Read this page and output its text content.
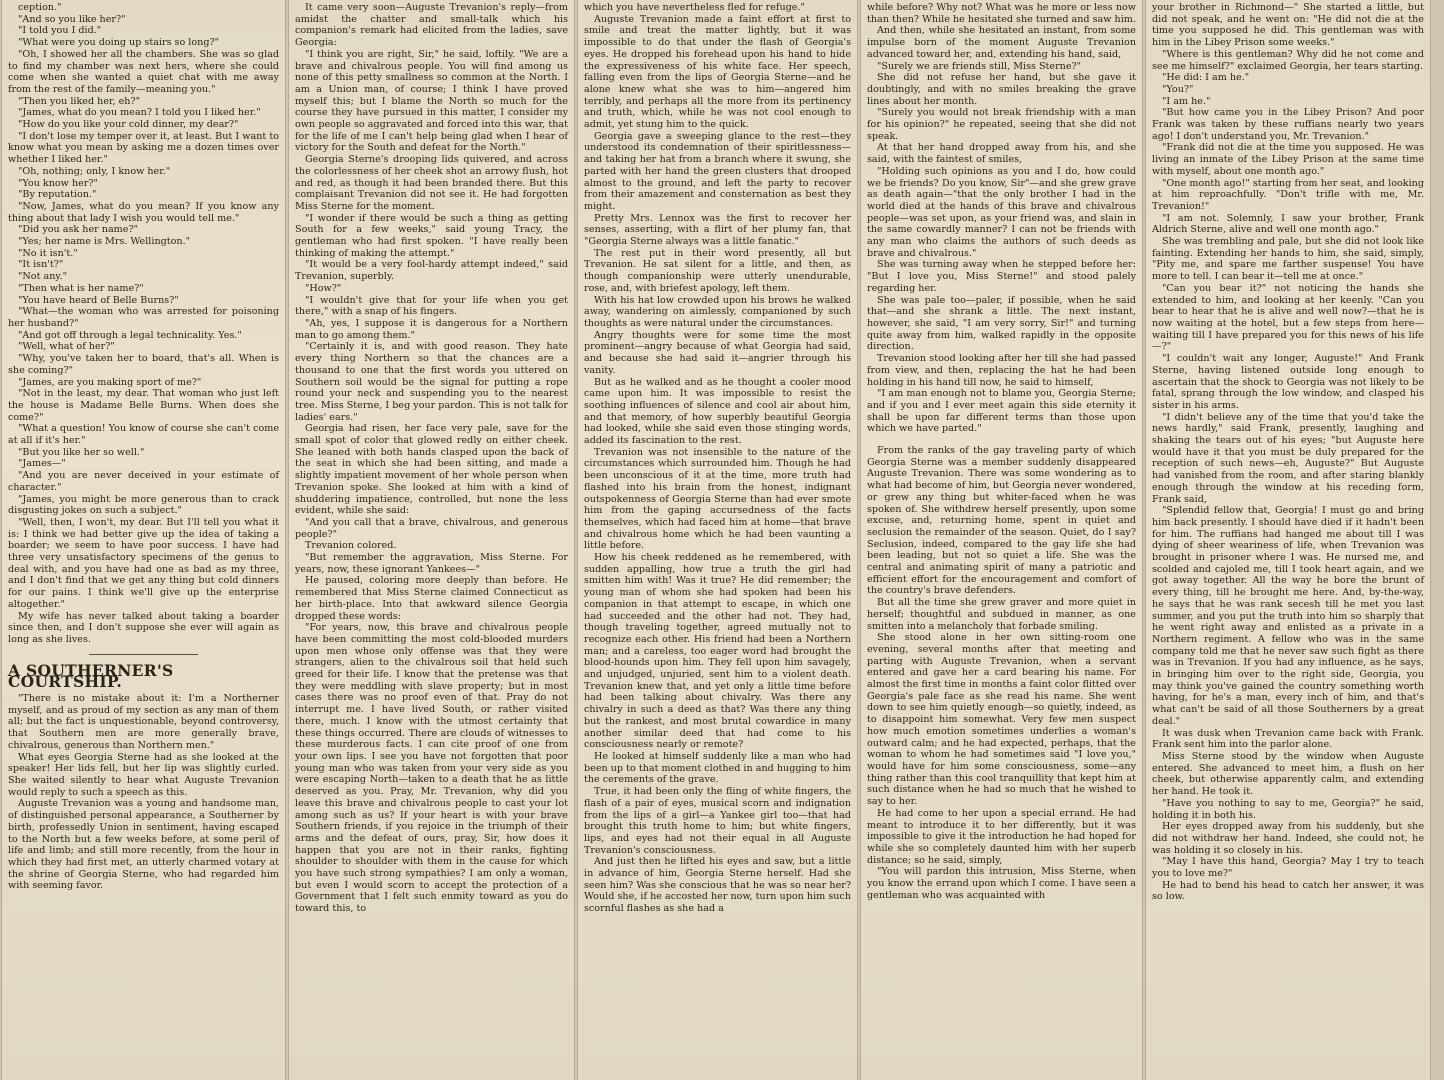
ception."

"And so you like her?"

"I told you I did."

"What were you doing up stairs so long?"

"Oh, I showed her all the chambers. She was so glad to find my chamber was next hers, where she could come when she wanted a quiet chat with me away from the rest of the family—meaning you."

"Then you liked her, eh?"

"James, what do you mean? I told you I liked her."

"How do you like your cold dinner, my dear?"

"I don't lose my temper over it, at least. But I want to know what you mean by asking me a dozen times over whether I liked her."

"Oh, nothing; only, I know her."

"You know her?"

"By reputation."

"Now, James, what do you mean? If you know any thing about that lady I wish you would tell me."

"Did you ask her name?"

"Yes; her name is Mrs. Wellington."

"No it isn't."

"It isn't?"

"Not any."

"Then what is her name?"

"You have heard of Belle Burns?"

"What—the woman who was arrested for poisoning her husband?"

"And got off through a legal technicality. Yes."

"Well, what of her?"

"Why, you've taken her to board, that's all. When is she coming?"

"James, are you making sport of me?"

"Not in the least, my dear. That woman who just left the house is Madame Belle Burns. When does she come?"

"What a question! You know of course she can't come at all if it's her."

"But you like her so well."

"James—"

"And you are never deceived in your estimate of character."

"James, you might be more generous than to crack disgusting jokes on such a subject."

"Well, then, I won't, my dear. But I'll tell you what it is: I think we had better give up the idea of taking a boarder; we seem to have poor success. I have had three very unsatisfactory specimens of the genus to deal with, and you have had one as bad as my three, and I don't find that we get any thing but cold dinners for our pains. I think we'll give up the enterprise altogether."

My wife has never talked about taking a boarder since then, and I don't suppose she ever will again as long as she lives.

A SOUTHERNER'S COURTSHIP.

"There is no mistake about it: I'm a Northerner myself, and as proud of my section as any man of them all; but the fact is unquestionable, beyond controversy, that Southern men are more generally brave, chivalrous, generous than Northern men."

What eyes Georgia Sterne had as she looked at the speaker! Her lids fell, but her lip was slightly curled. She waited silently to hear what Auguste Trevanion would reply to such a speech as this.

Auguste Trevanion was a young and handsome man, of distinguished personal appearance, a Southerner by birth, professedly Union in sentiment, having escaped to the North but a few weeks before, at some peril of life and limb; and still more recently, from the hour in which they had first met, an utterly charmed votary at the shrine of Georgia Sterne, who had regarded him with seeming favor.

It came very soon—Auguste Trevanion's reply—from amidst the chatter and small-talk which his companion's remark had elicited from the ladies, save Georgia:

"I think you are right, Sir," he said, loftily. "We are a brave and chivalrous people. You will find among us none of this petty smallness so common at the North. I am a Union man, of course; I think I have proved myself this; but I blame the North so much for the course they have pursued in this matter, I consider my own people so aggravated and forced into this war, that for the life of me I can't help being glad when I hear of victory for the South and defeat for the North."

Georgia Sterne's drooping lids quivered, and across the colorlessness of her cheek shot an arrowy flush, hot and red, as though it had been branded there. But this complaisant Trevanion did not see it. He had forgotten Miss Sterne for the moment.

"I wonder if there would be such a thing as getting South for a few weeks," said young Tracy, the gentleman who had first spoken. "I have really been thinking of making the attempt."

"It would be a very fool-hardy attempt indeed," said Trevanion, superbly.

"How?"

"I wouldn't give that for your life when you get there," with a snap of his fingers.

"Ah, yes, I suppose it is dangerous for a Northern man to go among them."

"Certainly it is, and with good reason. They hate every thing Northern so that the chances are a thousand to one that the first words you uttered on Southern soil would be the signal for putting a rope round your neck and suspending you to the nearest tree. Miss Sterne, I beg your pardon. This is not talk for ladies' ears."

Georgia had risen, her face very pale, save for the small spot of color that glowed redly on either cheek. She leaned with both hands clasped upon the back of the seat in which she had been sitting, and made a slightly impatient movement of her whole person when Trevanion spoke. She looked at him with a kind of shuddering impatience, controlled, but none the less evident, while she said:

"And you call that a brave, chivalrous, and generous people?"

Trevanion colored.

"But remember the aggravation, Miss Sterne. For years, now, these ignorant Yankees—"

He paused, coloring more deeply than before. He remembered that Miss Sterne claimed Connecticut as her birth-place. Into that awkward silence Georgia dropped these words:

"For years, now, this brave and chivalrous people have been committing the most cold-blooded murders upon men whose only offense was that they were strangers, alien to the chivalrous soil that held such greed for their life. I know that the pretense was that they were meddling with slave property; but in most cases there was no proof even of that. Pray do not interrupt me. I have lived South, or rather visited there, much. I know with the utmost certainty that these things occurred. There are clouds of witnesses to these murderous facts. I can cite proof of one from your own lips. I see you have not forgotten that poor young man who was taken from your very side as you were escaping North—taken to a death that he as little deserved as you. Pray, Mr. Trevanion, why did you leave this brave and chivalrous people to cast your lot among such as us? If your heart is with your brave Southern friends, if you rejoice in the triumph of their arms and the defeat of ours, pray, Sir, how does it happen that you are not in their ranks, fighting shoulder to shoulder with them in the cause for which you have such strong sympathies? I am only a woman, but even I would scorn to accept the protection of a Government that I felt such enmity toward as you do toward this, to

which you have nevertheless fled for refuge."

Auguste Trevanion made a faint effort at first to smile and treat the matter lightly, but it was impossible to do that under the flash of Georgia's eyes. He dropped his forehead upon his hand to hide the expressiveness of his white face. Her speech, falling even from the lips of Georgia Sterne—and he alone knew what she was to him—angered him terribly, and perhaps all the more from its pertinency and truth, which, while he was not cool enough to admit, yet stung him to the quick.

Georgia gave a sweeping glance to the rest—they understood its condemnation of their spiritlessness—and taking her hat from a branch where it swung, she parted with her hand the green clusters that drooped almost to the ground, and left the party to recover from their amazement and consternation as best they might.

Pretty Mrs. Lennox was the first to recover her senses, asserting, with a flirt of her plumy fan, that "Georgia Sterne always was a little fanatic."

The rest put in their word presently, all but Trevanion. He sat silent for a little, and then, as though companionship were utterly unendurable, rose, and, with briefest apology, left them.

With his hat low crowded upon his brows he walked away, wandering on aimlessly, companioned by such thoughts as were natural under the circumstances.

Angry thoughts were for some time the most prominent—angry because of what Georgia had said, and because she had said it—angrier through his vanity.

But as he walked and as he thought a cooler mood came upon him. It was impossible to resist the soothing influences of silence and cool air about him, and that memory, of how superbly beautiful Georgia had looked, while she said even those stinging words, added its fascination to the rest.

Trevanion was not insensible to the nature of the circumstances which surrounded him. Though he had been unconscious of it at the time, more truth had flashed into his brain from the honest, indignant outspokenness of Georgia Sterne than had ever smote him from the gaping accursedness of the facts themselves, which had faced him at home—that brave and chivalrous home which he had been vaunting a little before.

How his cheek reddened as he remembered, with sudden appalling, how true a truth the girl had smitten him with! Was it true? He did remember; the young man of whom she had spoken had been his companion in that attempt to escape, in which one had succeeded and the other had not. They had, though traveling together, agreed mutually not to recognize each other. His friend had been a Northern man; and a careless, too eager word had brought the blood-hounds upon him. They fell upon him savagely, and unjudged, unjuried, sent him to a violent death. Trevanion knew that, and yet only a little time before had been talking about chivalry. Was there any chivalry in such a deed as that? Was there any thing but the rankest, and most brutal cowardice in many another similar deed that had come to his consciousness nearly or remote?

He looked at himself suddenly like a man who had been up to that moment clothed in and hugging to him the cerements of the grave.

True, it had been only the fling of white fingers, the flash of a pair of eyes, musical scorn and indignation from the lips of a girl—a Yankee girl too—that had brought this truth home to him; but white fingers, lips, and eyes had not their equal in all Auguste Trevanion's consciousness.

And just then he lifted his eyes and saw, but a little in advance of him, Georgia Sterne herself. Had she seen him? Was she conscious that he was so near her? Would she, if he accosted her now, turn upon him such scornful flashes as she had a

while before? Why not? What was he more or less now than then? While he hesitated she turned and saw him.

And then, while she hesitated an instant, from some impulse born of the moment Auguste Trevanion advanced toward her, and, extending his hand, said,

"Surely we are friends still, Miss Sterne?"

She did not refuse her hand, but she gave it doubtingly, and with no smiles breaking the grave lines about her month.

"Surely you would not break friendship with a man for his opinion?" he repeated, seeing that she did not speak.

At that her hand dropped away from his, and she said, with the faintest of smiles,

"Holding such opinions as you and I do, how could we be friends? Do you know, Sir"—and she grew grave as death again—"that the only brother I had in the world died at the hands of this brave and chivalrous people—was set upon, as your friend was, and slain in the same cowardly manner? I can not be friends with any man who claims the authors of such deeds as brave and chivalrous."

She was turning away when he stepped before her: "But I love you, Miss Sterne!" and stood palely regarding her.

She was pale too—paler, if possible, when he said that—and she shrank a little. The next instant, however, she said, "I am very sorry, Sir!" and turning quite away from him, walked rapidly in the opposite direction.

Trevanion stood looking after her till she had passed from view, and then, replacing the hat he had been holding in his hand till now, he said to himself,

"I am man enough not to blame you, Georgia Sterne; and if you and I ever meet again this side eternity it shall be upon far different terms than those upon which we have parted."

From the ranks of the gay traveling party of which Georgia Sterne was a member suddenly disappeared Auguste Trevanion. There was some wondering as to what had become of him, but Georgia never wondered, or grew any thing but whiter-faced when he was spoken of. She withdrew herself presently, upon some excuse, and, returning home, spent in quiet and seclusion the remainder of the season. Quiet, do I say? Seclusion, indeed, compared to the gay life she had been leading, but not so quiet a life. She was the central and animating spirit of many a patriotic and efficient effort for the encouragement and comfort of the country's brave defenders.

But all the time she grew graver and more quiet in herself; thoughtful and subdued in manner, as one smitten into a melancholy that forbade smiling.

She stood alone in her own sitting-room one evening, several months after that meeting and parting with Auguste Trevanion, when a servant entered and gave her a card bearing his name. For almost the first time in months a faint color flitted over Georgia's pale face as she read his name. She went down to see him quietly enough—so quietly, indeed, as to disappoint him somewhat. Very few men suspect how much emotion sometimes underlies a woman's outward calm; and he had expected, perhaps, that the woman to whom he had sometimes said "I love you," would have for him some consciousness, some—any thing rather than this cool tranquillity that kept him at such distance when he had so much that he wished to say to her.

He had come to her upon a special errand. He had meant to introduce it to her differently, but it was impossible to give it the introduction he had hoped for while she so completely daunted him with her superb distance; so he said, simply,

"You will pardon this intrusion, Miss Sterne, when you know the errand upon which I come. I have seen a gentleman who was acquainted with

your brother in Richmond—" She started a little, but did not speak, and he went on: "He did not die at the time you supposed he did. This gentleman was with him in the Libey Prison some weeks."

"Where is this gentleman? Why did he not come and see me himself?" exclaimed Georgia, her tears starting.

"He did: I am he."

"You?"

"I am he."

"But how came you in the Libey Prison? And poor Frank was taken by these ruffians nearly two years ago! I don't understand you, Mr. Trevanion."

"Frank did not die at the time you supposed. He was living an inmate of the Libey Prison at the same time with myself, about one month ago."

"One month ago!" starting from her seat, and looking at him reproachfully. "Don't trifle with me, Mr. Trevanion!"

"I am not. Solemnly, I saw your brother, Frank Aldrich Sterne, alive and well one month ago."

She was trembling and pale, but she did not look like fainting. Extending her hands to him, she said, simply, "Pity me, and spare me farther suspense! You have more to tell. I can bear it—tell me at once."

"Can you bear it?" not noticing the hands she extended to him, and looking at her keenly. "Can you bear to hear that he is alive and well now?—that he is now waiting at the hotel, but a few steps from here—waiting till I have prepared you for this news of his life—?"

"I couldn't wait any longer, Auguste!" And Frank Sterne, having listened outside long enough to ascertain that the shock to Georgia was not likely to be fatal, sprang through the low window, and clasped his sister in his arms.

"I didn't believe any of the time that you'd take the news hardly," said Frank, presently, laughing and shaking the tears out of his eyes; "but Auguste here would have it that you must be duly prepared for the reception of such news—eh, Auguste?" But Auguste had vanished from the room, and after staring blankly enough through the window at his receding form, Frank said,

"Splendid fellow that, Georgia! I must go and bring him back presently. I should have died if it hadn't been for him. The ruffians had hanged me about till I was dying of sheer weariness of life, when Trevanion was brought in prisoner where I was. He nursed me, and scolded and cajoled me, till I took heart again, and we got away together. All the way he bore the brunt of every thing, till he brought me here. And, by-the-way, he says that he was rank secesh till he met you last summer, and you put the truth into him so sharply that he went right away and enlisted as a private in a Northern regiment. A fellow who was in the same company told me that he never saw such fight as there was in Trevanion. If you had any influence, as he says, in bringing him over to the right side, Georgia, you may think you've gained the country something worth having, for he's a man, every inch of him, and that's what can't be said of all those Southerners by a great deal."

It was dusk when Trevanion came back with Frank. Frank sent him into the parlor alone.

Miss Sterne stood by the window when Auguste entered. She advanced to meet him, a flush on her cheek, but otherwise apparently calm, and extending her hand. He took it.

"Have you nothing to say to me, Georgia?" he said, holding it in both his.

Her eyes dropped away from his suddenly, but she did not withdraw her hand. Indeed, she could not, he was holding it so closely in his.

"May I have this hand, Georgia? May I try to teach you to love me?"

He had to bend his head to catch her answer, it was so low.
